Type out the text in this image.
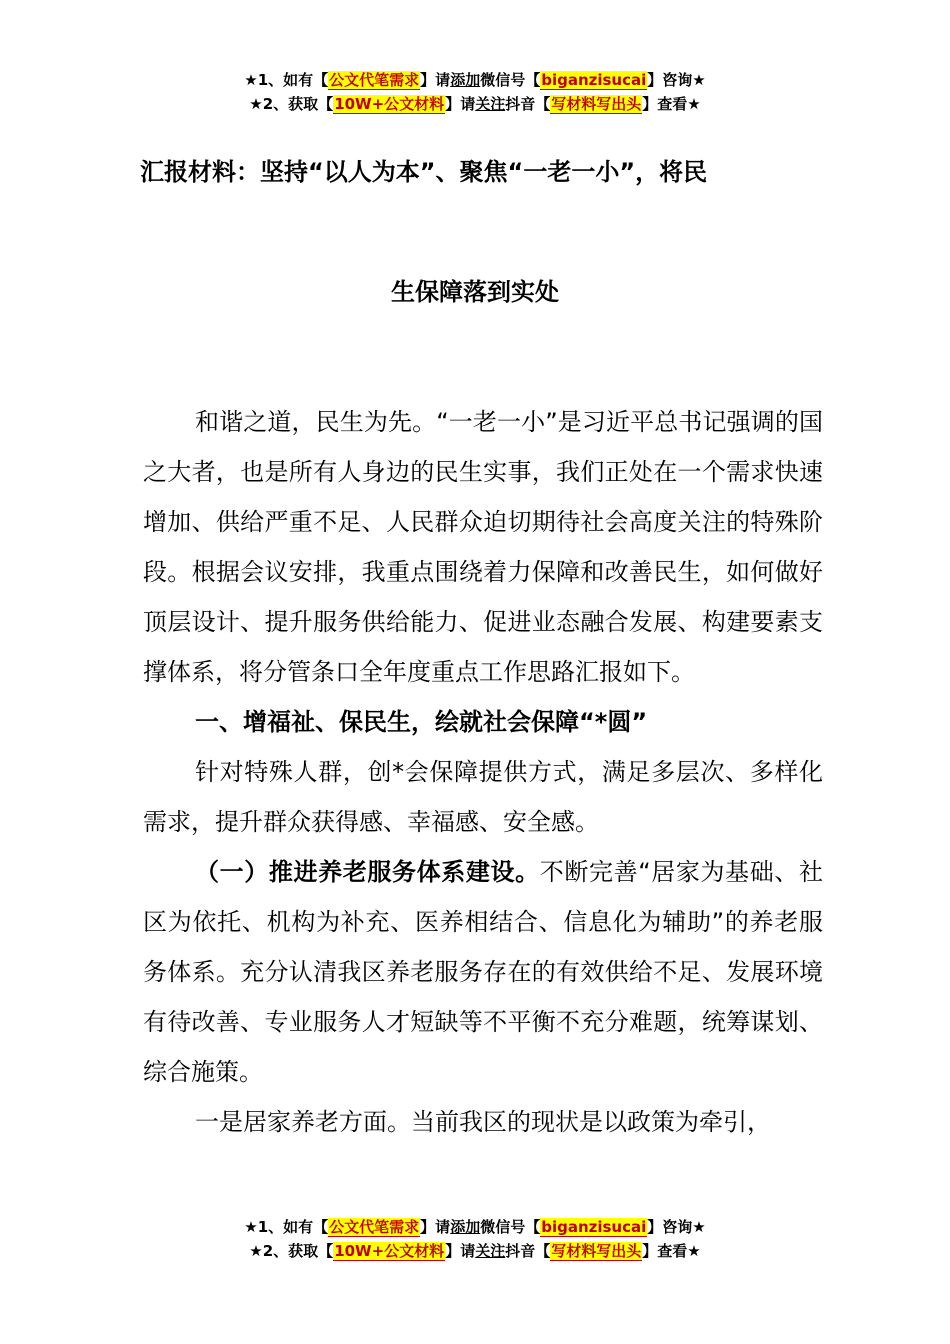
★1、如有【公文代笔需求】请添加微信号【biganzisucai】咨询★
★2、获取【10W+公文材料】请关注抖音【写材料写出头】查看★
汇报材料：坚持“以人为本”、聚焦“一老一小”，将民
生保障落到实处

和谐之道，民生为先。“一老一小”是习近平总书记强调的国之大者，也是所有人身边的民生实事，我们正处在一个需求快速增加、供给严重不足、人民群众迫切期待社会高度关注的特殊阶段。根据会议安排，我重点围绕着力保障和改善民生，如何做好顶层设计、提升服务供给能力、促进业态融合发展、构建要素支撑体系，将分管条口全年度重点工作思路汇报如下。

一、增福祉、保民生，绘就社会保障“*圆”

针对特殊人群，创*会保障提供方式，满足多层次、多样化需求，提升群众获得感、幸福感、安全感。

（一）推进养老服务体系建设。不断完善“居家为基础、社区为依托、机构为补充、医养相结合、信息化为辅助”的养老服务体系。充分认清我区养老服务存在的有效供给不足、发展环境有待改善、专业服务人才短缺等不平衡不充分难题，统筹谋划、综合施策。

一是居家养老方面。当前我区的现状是以政策为牵引，

★1、如有【公文代笔需求】请添加微信号【biganzisucai】咨询★
★2、获取【10W+公文材料】请关注抖音【写材料写出头】查看★
